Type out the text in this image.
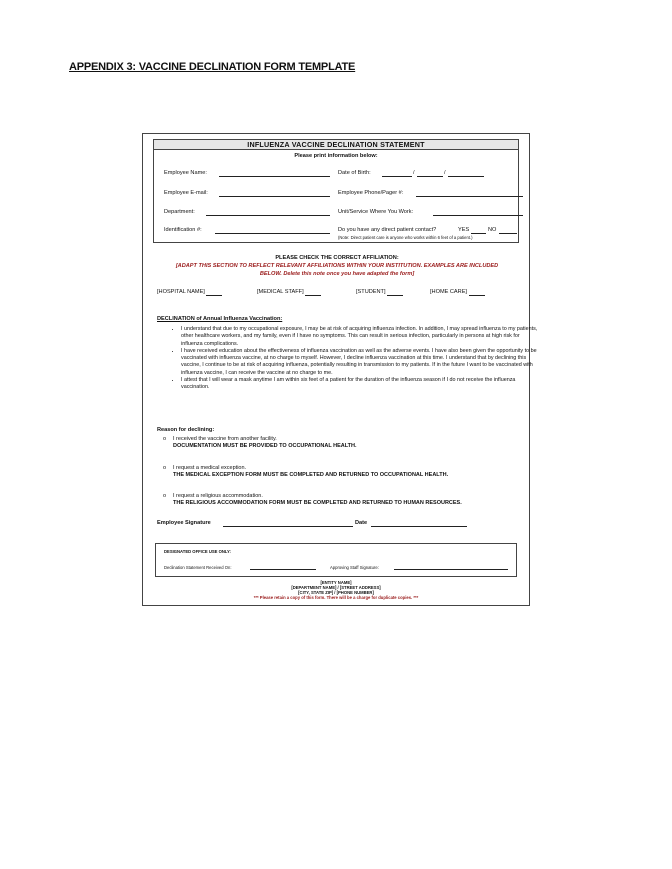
APPENDIX 3: VACCINE DECLINATION FORM TEMPLATE
INFLUENZA VACCINE DECLINATION STATEMENT
Please print information below:
Employee Name:	Date of Birth:	/	/
Employee E-mail:	Employee Phone/Pager #:
Department:	Unit/Service Where You Work:
Identification #:	Do you have any direct patient contact?	YES	NO
(Note: Direct patient care is anyone who works within 6 feet of a patient.)
PLEASE CHECK THE CORRECT AFFILIATION:
[ADAPT THIS SECTION TO REFLECT RELEVANT AFFILIATIONS WITHIN YOUR INSTITUTION. EXAMPLES ARE INCLUDED
BELOW. Delete this note once you have adapted the form]
[HOSPITAL NAME]	[MEDICAL STAFF]	[STUDENT]	[HOME CARE]
DECLINATION of Annual Influenza Vaccination:
• I understand that due to my occupational exposure, I may be at risk of acquiring influenza infection. In addition, I may spread influenza to my patients, other healthcare workers, and my family, even if I have no symptoms. This can result in serious infection, particularly in persons at high risk for influenza complications.
• I have received education about the effectiveness of influenza vaccination as well as the adverse events. I have also been given the opportunity to be vaccinated with influenza vaccine, at no charge to myself. However, I decline influenza vaccination at this time. I understand that by declining this vaccine, I continue to be at risk of acquiring influenza, potentially resulting in transmission to my patients. If in the future I want to be vaccinated with influenza vaccine, I can receive the vaccine at no charge to me.
• I attest that I will wear a mask anytime I am within six feet of a patient for the duration of the influenza season if I do not receive the influenza vaccination.
Reason for declining:
o I received the vaccine from another facility.
DOCUMENTATION MUST BE PROVIDED TO OCCUPATIONAL HEALTH.
o I request a medical exception.
THE MEDICAL EXCEPTION FORM MUST BE COMPLETED AND RETURNED TO OCCUPATIONAL HEALTH.
o I request a religious accommodation.
THE RELIGIOUS ACCOMMODATION FORM MUST BE COMPLETED AND RETURNED TO HUMAN RESOURCES.
Employee Signature	Date
DESIGNATED OFFICE USE ONLY:
Declination Statement Received On:	Approving Staff Signature:
[ENTITY NAME]
[DEPARTMENT NAME] / [STREET ADDRESS]
[CITY, STATE ZIP] / [PHONE NUMBER]
*** Please retain a copy of this form. There will be a charge for duplicate copies. ***
